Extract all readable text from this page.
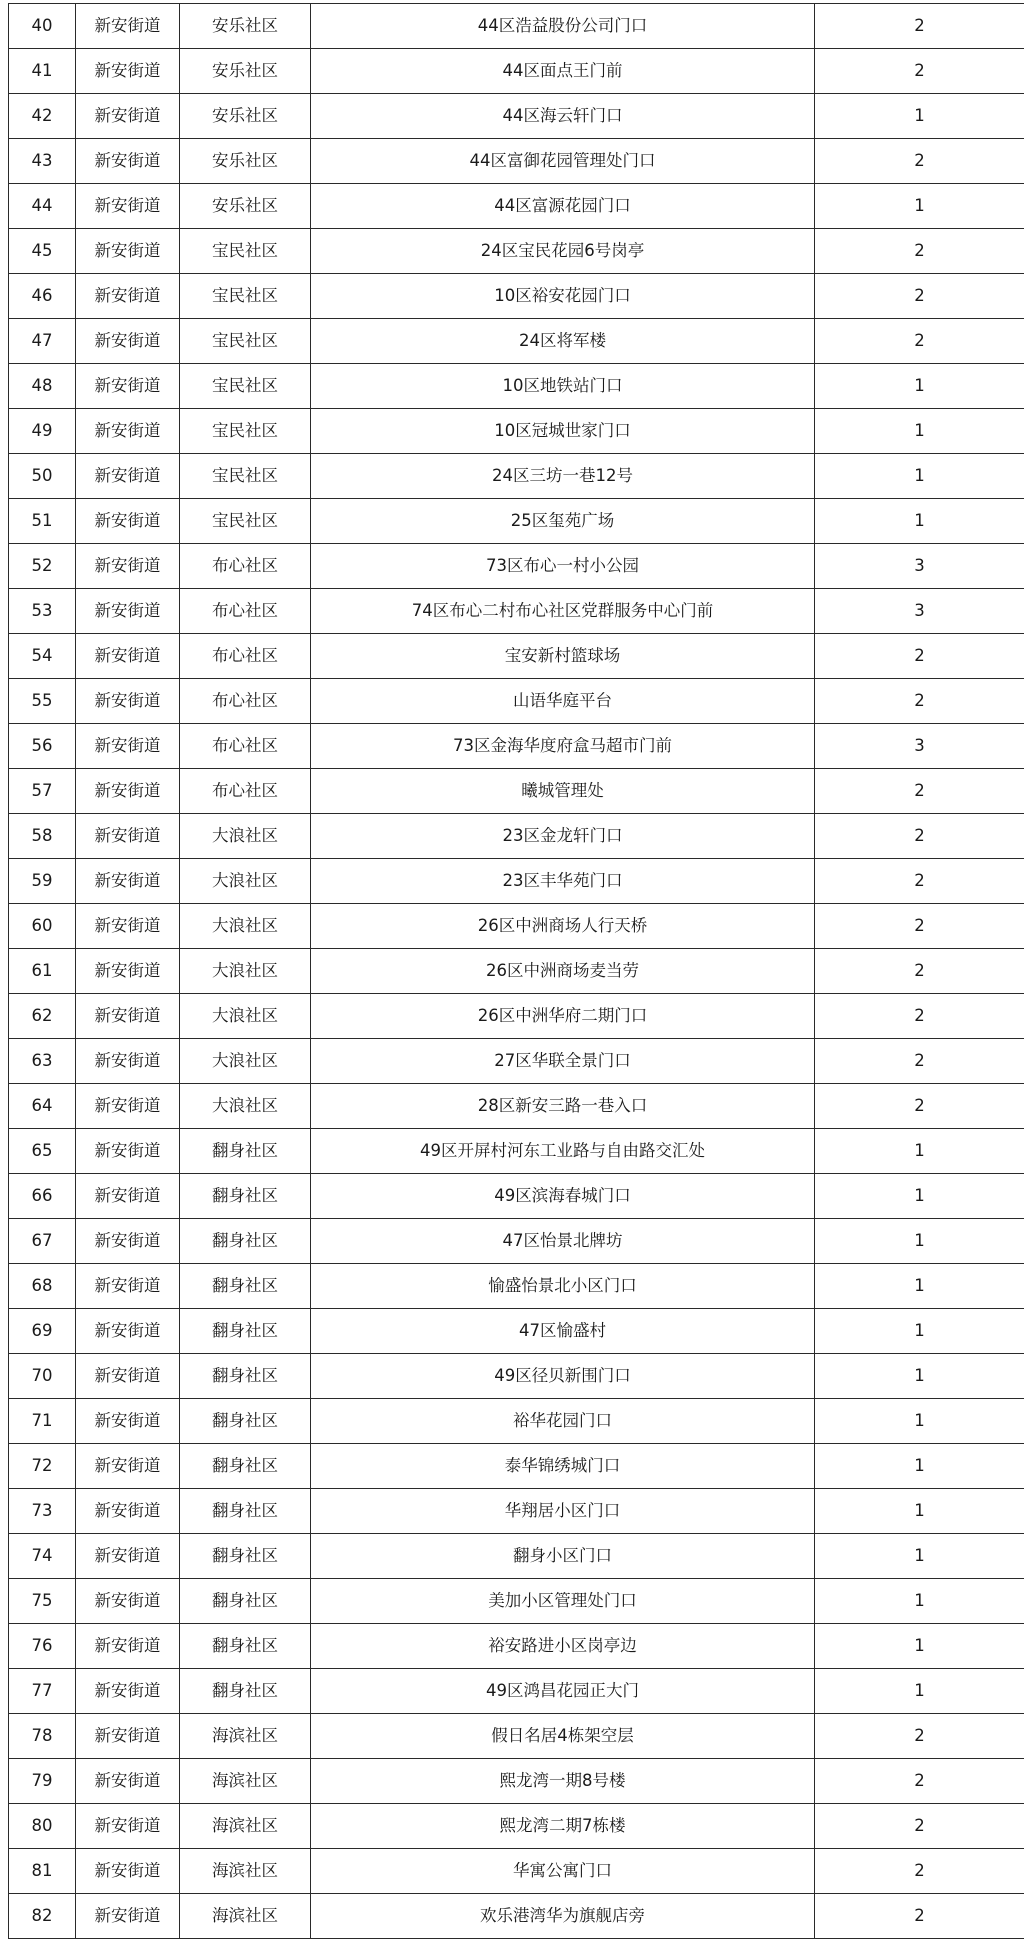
40	新安街道	安乐社区	44区浩益股份公司门口	2
41	新安街道	安乐社区	44区面点王门前	2
42	新安街道	安乐社区	44区海云轩门口	1
43	新安街道	安乐社区	44区富御花园管理处门口	2
44	新安街道	安乐社区	44区富源花园门口	1
45	新安街道	宝民社区	24区宝民花园6号岗亭	2
46	新安街道	宝民社区	10区裕安花园门口	2
47	新安街道	宝民社区	24区将军楼	2
48	新安街道	宝民社区	10区地铁站门口	1
49	新安街道	宝民社区	10区冠城世家门口	1
50	新安街道	宝民社区	24区三坊一巷12号	1
51	新安街道	宝民社区	25区玺苑广场	1
52	新安街道	布心社区	73区布心一村小公园	3
53	新安街道	布心社区	74区布心二村布心社区党群服务中心门前	3
54	新安街道	布心社区	宝安新村篮球场	2
55	新安街道	布心社区	山语华庭平台	2
56	新安街道	布心社区	73区金海华度府盒马超市门前	3
57	新安街道	布心社区	曦城管理处	2
58	新安街道	大浪社区	23区金龙轩门口	2
59	新安街道	大浪社区	23区丰华苑门口	2
60	新安街道	大浪社区	26区中洲商场人行天桥	2
61	新安街道	大浪社区	26区中洲商场麦当劳	2
62	新安街道	大浪社区	26区中洲华府二期门口	2
63	新安街道	大浪社区	27区华联全景门口	2
64	新安街道	大浪社区	28区新安三路一巷入口	2
65	新安街道	翻身社区	49区开屏村河东工业路与自由路交汇处	1
66	新安街道	翻身社区	49区滨海春城门口	1
67	新安街道	翻身社区	47区怡景北牌坊	1
68	新安街道	翻身社区	愉盛怡景北小区门口	1
69	新安街道	翻身社区	47区愉盛村	1
70	新安街道	翻身社区	49区径贝新围门口	1
71	新安街道	翻身社区	裕华花园门口	1
72	新安街道	翻身社区	泰华锦绣城门口	1
73	新安街道	翻身社区	华翔居小区门口	1
74	新安街道	翻身社区	翻身小区门口	1
75	新安街道	翻身社区	美加小区管理处门口	1
76	新安街道	翻身社区	裕安路进小区岗亭边	1
77	新安街道	翻身社区	49区鸿昌花园正大门	1
78	新安街道	海滨社区	假日名居4栋架空层	2
79	新安街道	海滨社区	熙龙湾一期8号楼	2
80	新安街道	海滨社区	熙龙湾二期7栋楼	2
81	新安街道	海滨社区	华寓公寓门口	2
82	新安街道	海滨社区	欢乐港湾华为旗舰店旁	2
